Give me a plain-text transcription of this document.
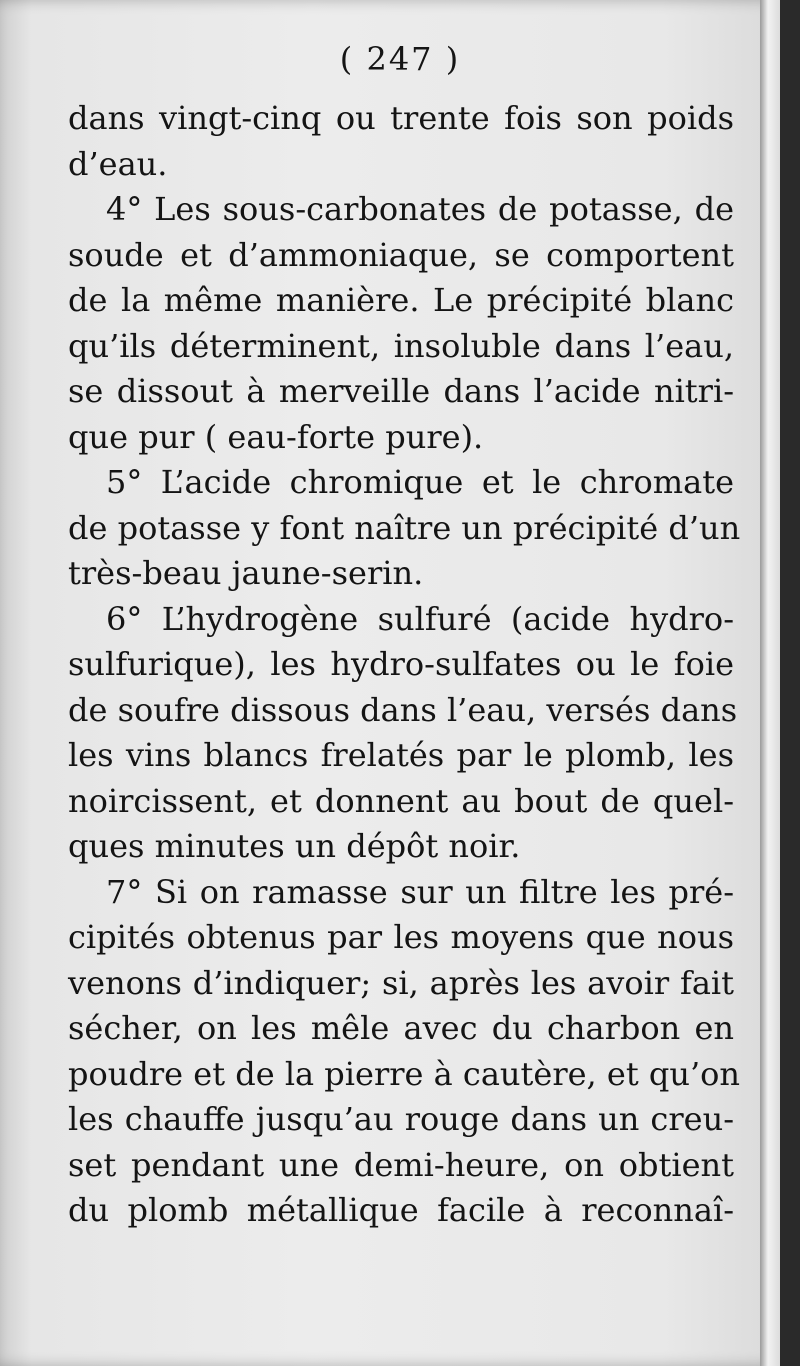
( 247 )
dans vingt-cinq ou trente fois son poids
d’eau.
4° Les sous-carbonates de potasse, de
soude et d’ammoniaque, se comportent
de la même manière. Le précipité blanc
qu’ils déterminent, insoluble dans l’eau,
se dissout à merveille dans l’acide nitri-
que pur ( eau-forte pure).
5° L’acide chromique et le chromate
de potasse y font naître un précipité d’un
très-beau jaune-serin.
6° L’hydrogène sulfuré (acide hydro-
sulfurique), les hydro-sulfates ou le foie
de soufre dissous dans l’eau, versés dans
les vins blancs frelatés par le plomb, les
noircissent, et donnent au bout de quel-
ques minutes un dépôt noir.
7° Si on ramasse sur un filtre les pré-
cipités obtenus par les moyens que nous
venons d’indiquer; si, après les avoir fait
sécher, on les mêle avec du charbon en
poudre et de la pierre à cautère, et qu’on
les chauffe jusqu’au rouge dans un creu-
set pendant une demi-heure, on obtient
du plomb métallique facile à reconnaî-
